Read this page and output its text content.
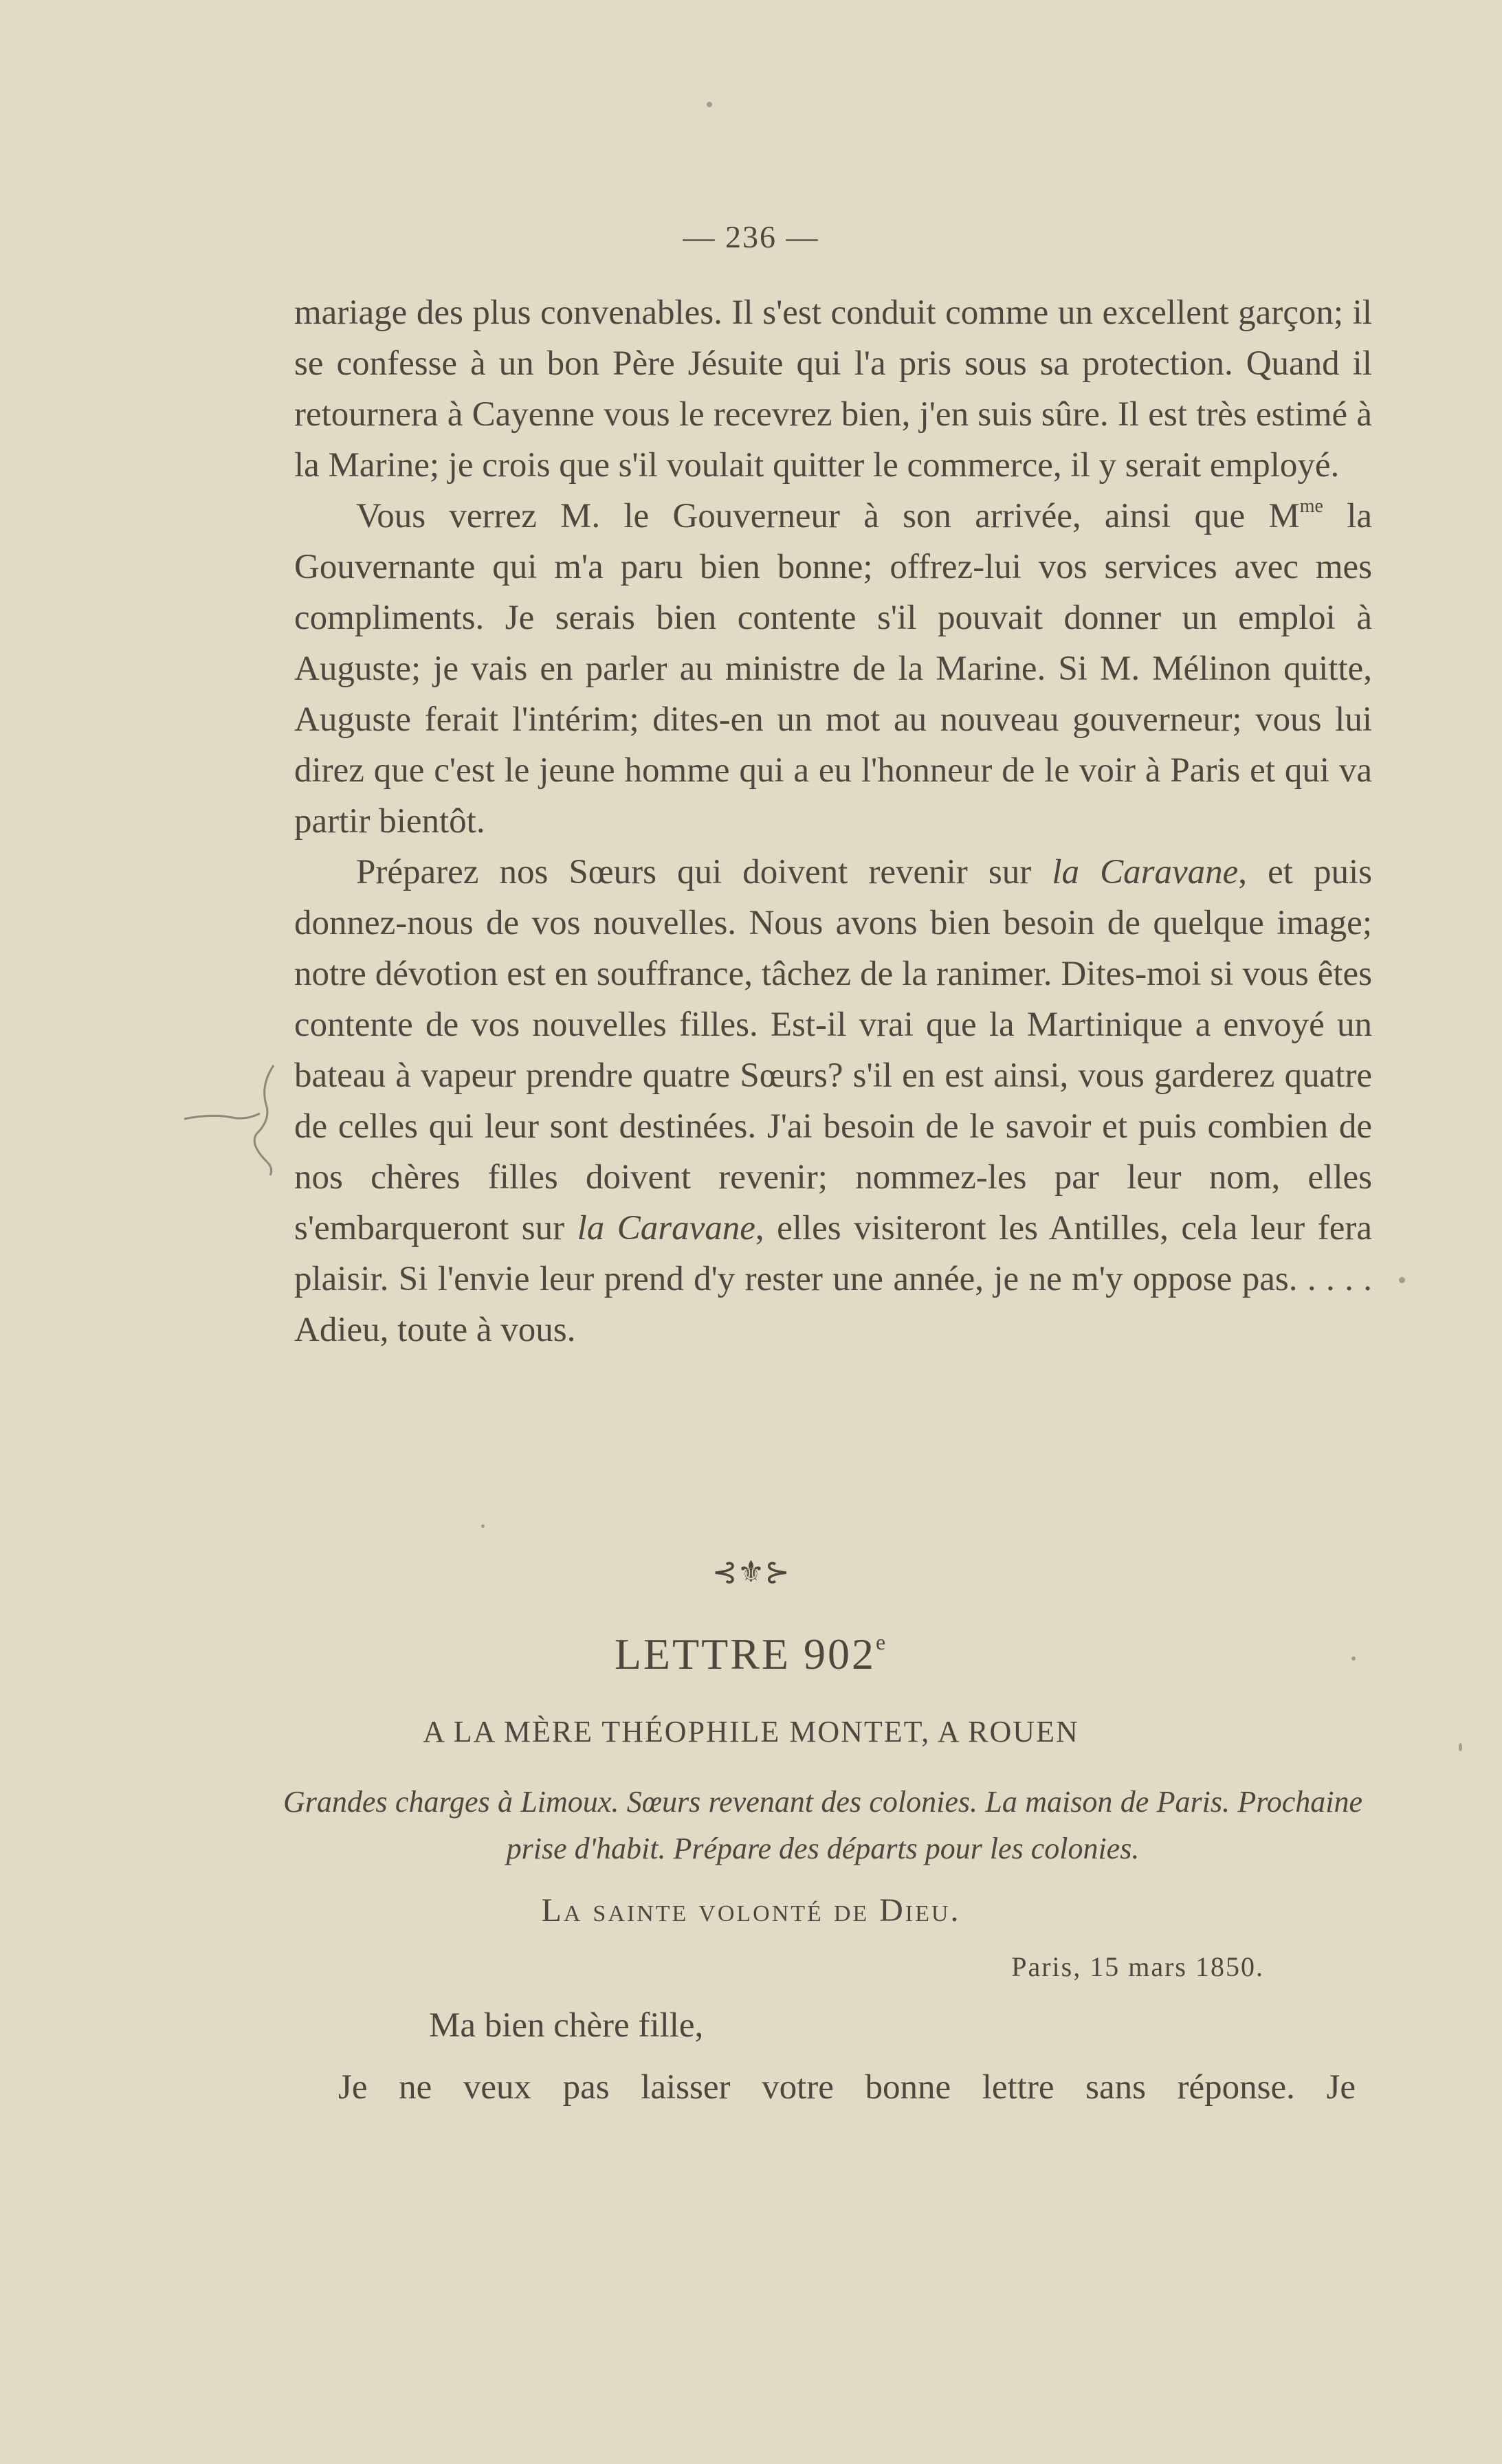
— 236 —

mariage des plus convenables. Il s'est conduit comme un excellent garçon; il se confesse à un bon Père Jésuite qui l'a pris sous sa protection. Quand il retournera à Cayenne vous le recevrez bien, j'en suis sûre. Il est très estimé à la Marine; je crois que s'il voulait quitter le commerce, il y serait employé.

Vous verrez M. le Gouverneur à son arrivée, ainsi que $M^{me}$ la Gouvernante qui m'a paru bien bonne; offrez-lui vos services avec mes compliments. Je serais bien contente s'il pouvait donner un emploi à Auguste; je vais en parler au ministre de la Marine. Si M. Mélinon quitte, Auguste ferait l'intérim; dites-en un mot au nouveau gouverneur; vous lui direz que c'est le jeune homme qui a eu l'honneur de le voir à Paris et qui va partir bientôt.

Préparez nos Sœurs qui doivent revenir sur la Caravane, et puis donnez-nous de vos nouvelles. Nous avons bien besoin de quelque image; notre dévotion est en souffrance, tâchez de la ranimer. Dites-moi si vous êtes contente de vos nouvelles filles. Est-il vrai que la Martinique a envoyé un bateau à vapeur prendre quatre Sœurs? s'il en est ainsi, vous garderez quatre de celles qui leur sont destinées. J'ai besoin de le savoir et puis combien de nos chères filles doivent revenir; nommez-les par leur nom, elles s'embarqueront sur la Caravane, elles visiteront les Antilles, cela leur fera plaisir. Si l'envie leur prend d'y rester une année, je ne m'y oppose pas. . . . . Adieu, toute à vous.

⊰⚜⊱
LETTRE 902e
A LA MÈRE THÉOPHILE MONTET, A ROUEN
Grandes charges à Limoux. Sœurs revenant des colonies. La maison de Paris. Prochaine prise d'habit. Prépare des départs pour les colonies.
La sainte volonté de Dieu.
Paris, 15 mars 1850.
Ma bien chère fille,
Je ne veux pas laisser votre bonne lettre sans réponse. Je
